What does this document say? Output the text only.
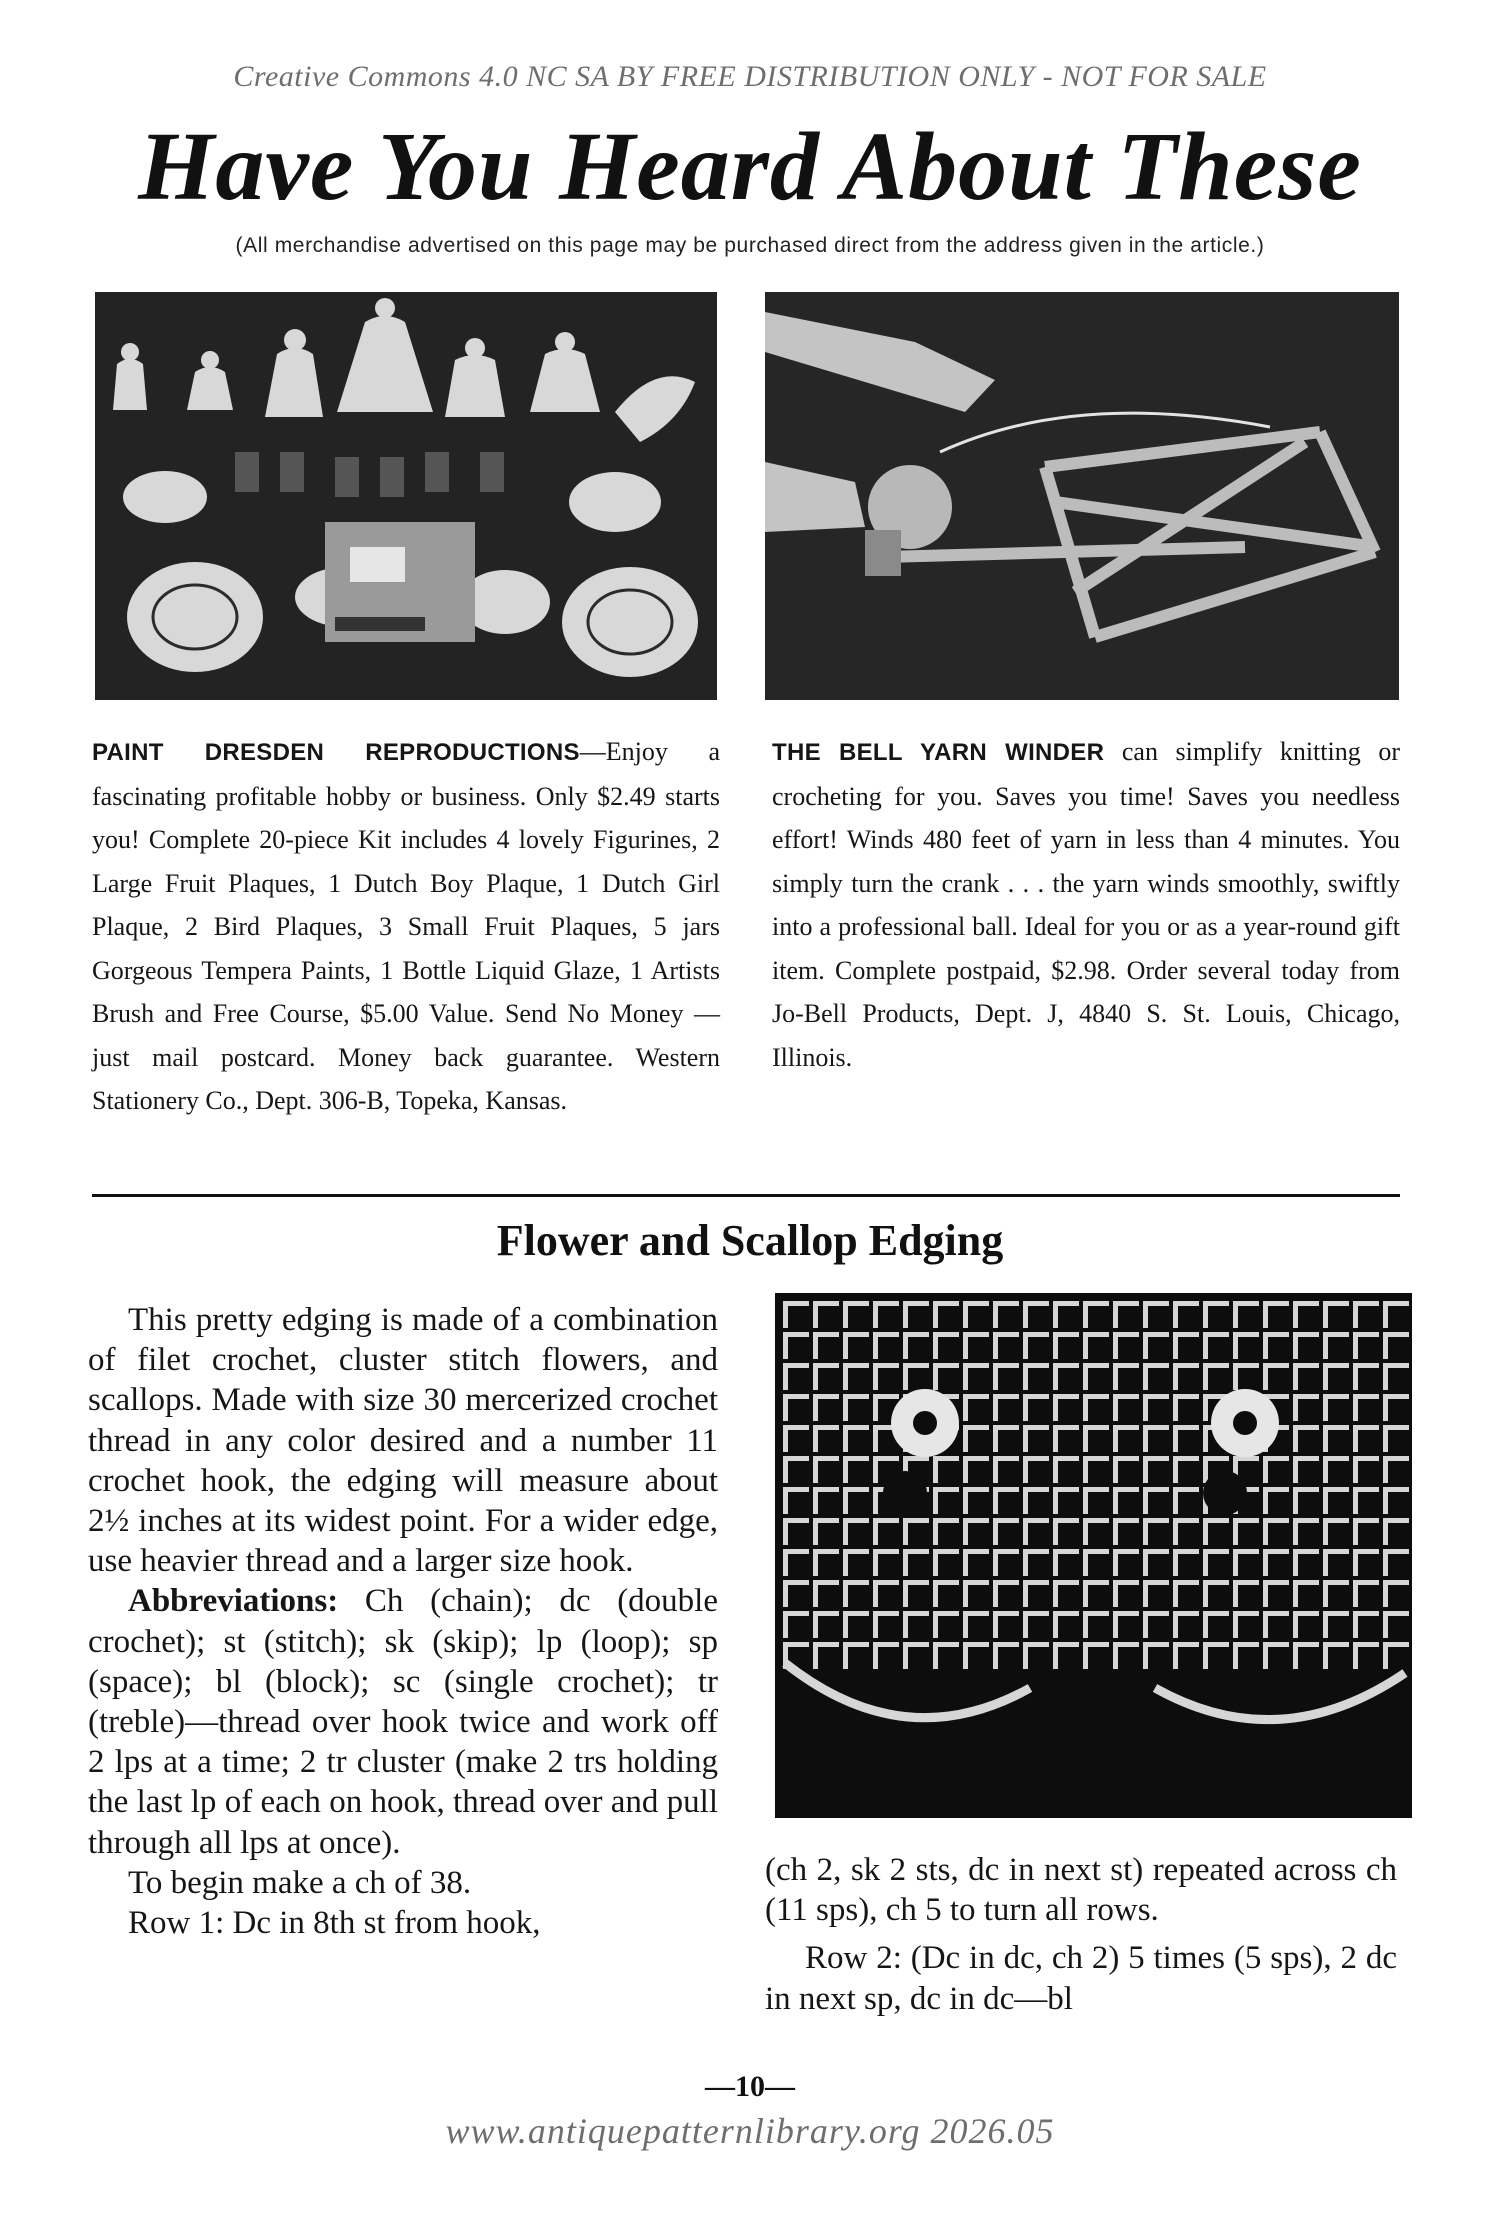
Creative Commons 4.0 NC SA BY FREE DISTRIBUTION ONLY - NOT FOR SALE
Have You Heard About These
(All merchandise advertised on this page may be purchased direct from the address given in the article.)
PAINT DRESDEN REPRODUCTIONS—Enjoy a fascinating profitable hobby or business. Only $2.49 starts you! Complete 20-piece Kit includes 4 lovely Figurines, 2 Large Fruit Plaques, 1 Dutch Boy Plaque, 1 Dutch Girl Plaque, 2 Bird Plaques, 3 Small Fruit Plaques, 5 jars Gorgeous Tempera Paints, 1 Bottle Liquid Glaze, 1 Artists Brush and Free Course, $5.00 Value. Send No Money — just mail postcard. Money back guarantee. Western Stationery Co., Dept. 306-B, Topeka, Kansas.
THE BELL YARN WINDER can simplify knitting or crocheting for you. Saves you time! Saves you needless effort! Winds 480 feet of yarn in less than 4 minutes. You simply turn the crank . . . the yarn winds smoothly, swiftly into a professional ball. Ideal for you or as a year-round gift item. Complete postpaid, $2.98. Order several today from Jo-Bell Products, Dept. J, 4840 S. St. Louis, Chicago, Illinois.
Flower and Scallop Edging

This pretty edging is made of a combination of filet crochet, cluster stitch flowers, and scallops. Made with size 30 mercerized crochet thread in any color desired and a number 11 crochet hook, the edging will measure about 2½ inches at its widest point. For a wider edge, use heavier thread and a larger size hook.

Abbreviations: Ch (chain); dc (double crochet); st (stitch); sk (skip); lp (loop); sp (space); bl (block); sc (single crochet); tr (treble)—thread over hook twice and work off 2 lps at a time; 2 tr cluster (make 2 trs holding the last lp of each on hook, thread over and pull through all lps at once).

To begin make a ch of 38.

Row 1: Dc in 8th st from hook,

(ch 2, sk 2 sts, dc in next st) repeated across ch (11 sps), ch 5 to turn all rows.

Row 2: (Dc in dc, ch 2) 5 times (5 sps), 2 dc in next sp, dc in dc—bl

—10—
www.antiquepatternlibrary.org 2026.05
